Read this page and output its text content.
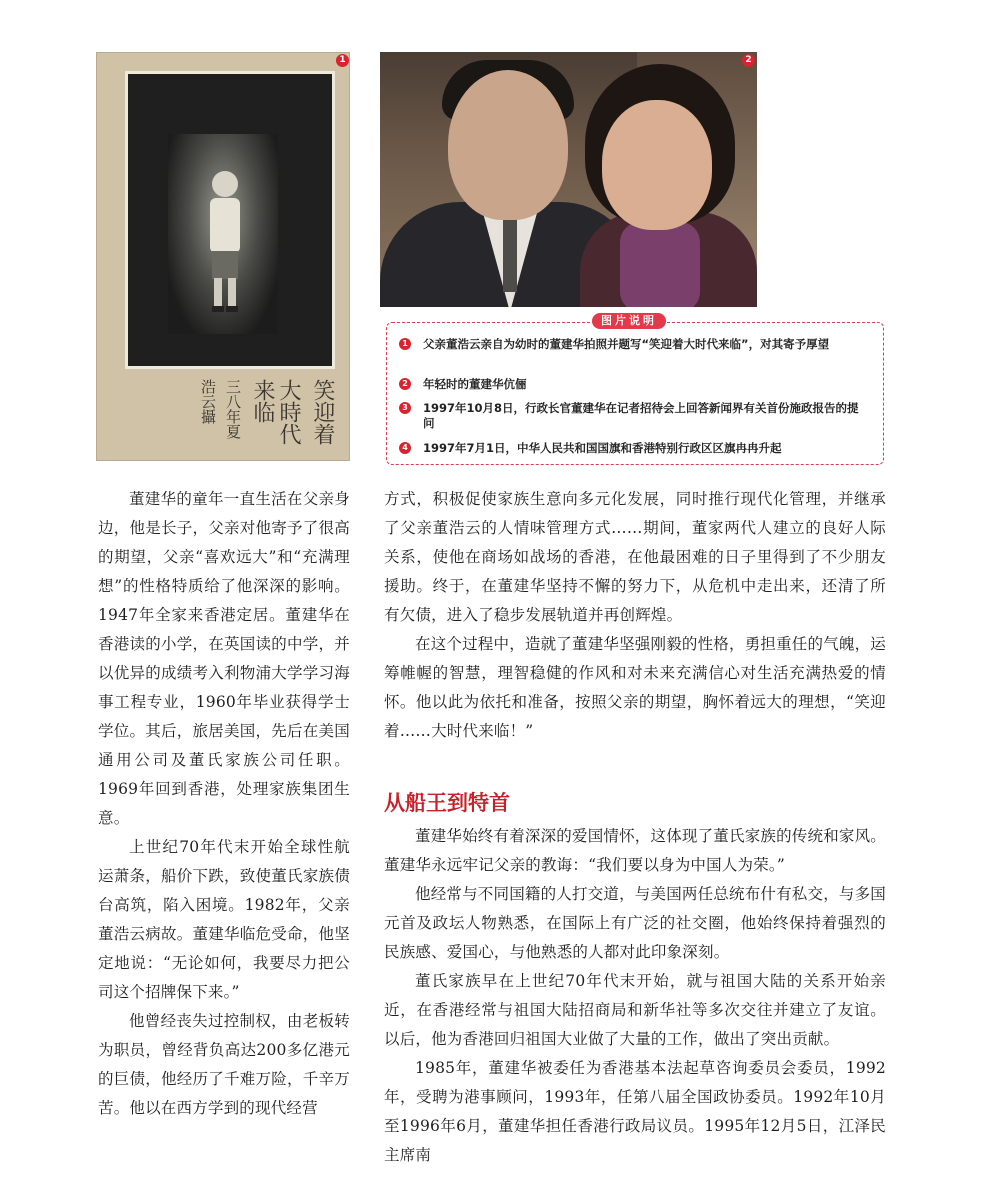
笑迎着
大時代来临
三八年夏
浩云攝
1	2
图片说明
1 父亲董浩云亲自为幼时的董建华拍照并题写“笑迎着大时代来临”，对其寄予厚望
2 年轻时的董建华伉俪
3 1997年10月8日，行政长官董建华在记者招待会上回答新闻界有关首份施政报告的提问
4 1997年7月1日，中华人民共和国国旗和香港特别行政区区旗冉冉升起

董建华的童年一直生活在父亲身边，他是长子，父亲对他寄予了很高的期望，父亲“喜欢远大”和“充满理想”的性格特质给了他深深的影响。1947年全家来香港定居。董建华在香港读的小学，在英国读的中学，并以优异的成绩考入利物浦大学学习海事工程专业，1960年毕业获得学士学位。其后，旅居美国，先后在美国通用公司及董氏家族公司任职。1969年回到香港，处理家族集团生意。

上世纪70年代末开始全球性航运萧条，船价下跌，致使董氏家族债台高筑，陷入困境。1982年，父亲董浩云病故。董建华临危受命，他坚定地说：“无论如何，我要尽力把公司这个招牌保下来。”

他曾经丧失过控制权，由老板转为职员，曾经背负高达200多亿港元的巨债，他经历了千难万险，千辛万苦。他以在西方学到的现代经营

方式，积极促使家族生意向多元化发展，同时推行现代化管理，并继承了父亲董浩云的人情味管理方式……期间，董家两代人建立的良好人际关系，使他在商场如战场的香港，在他最困难的日子里得到了不少朋友援助。终于，在董建华坚持不懈的努力下，从危机中走出来，还清了所有欠债，进入了稳步发展轨道并再创辉煌。

在这个过程中，造就了董建华坚强刚毅的性格，勇担重任的气魄，运筹帷幄的智慧，理智稳健的作风和对未来充满信心对生活充满热爱的情怀。他以此为依托和准备，按照父亲的期望，胸怀着远大的理想，“笑迎着……大时代来临！”

从船王到特首

董建华始终有着深深的爱国情怀，这体现了董氏家族的传统和家风。董建华永远牢记父亲的教诲：“我们要以身为中国人为荣。”

他经常与不同国籍的人打交道，与美国两任总统布什有私交，与多国元首及政坛人物熟悉，在国际上有广泛的社交圈，他始终保持着强烈的民族感、爱国心，与他熟悉的人都对此印象深刻。

董氏家族早在上世纪70年代末开始，就与祖国大陆的关系开始亲近，在香港经常与祖国大陆招商局和新华社等多次交往并建立了友谊。以后，他为香港回归祖国大业做了大量的工作，做出了突出贡献。

1985年，董建华被委任为香港基本法起草咨询委员会委员，1992年，受聘为港事顾问，1993年，任第八届全国政协委员。1992年10月至1996年6月，董建华担任香港行政局议员。1995年12月5日，江泽民主席南
